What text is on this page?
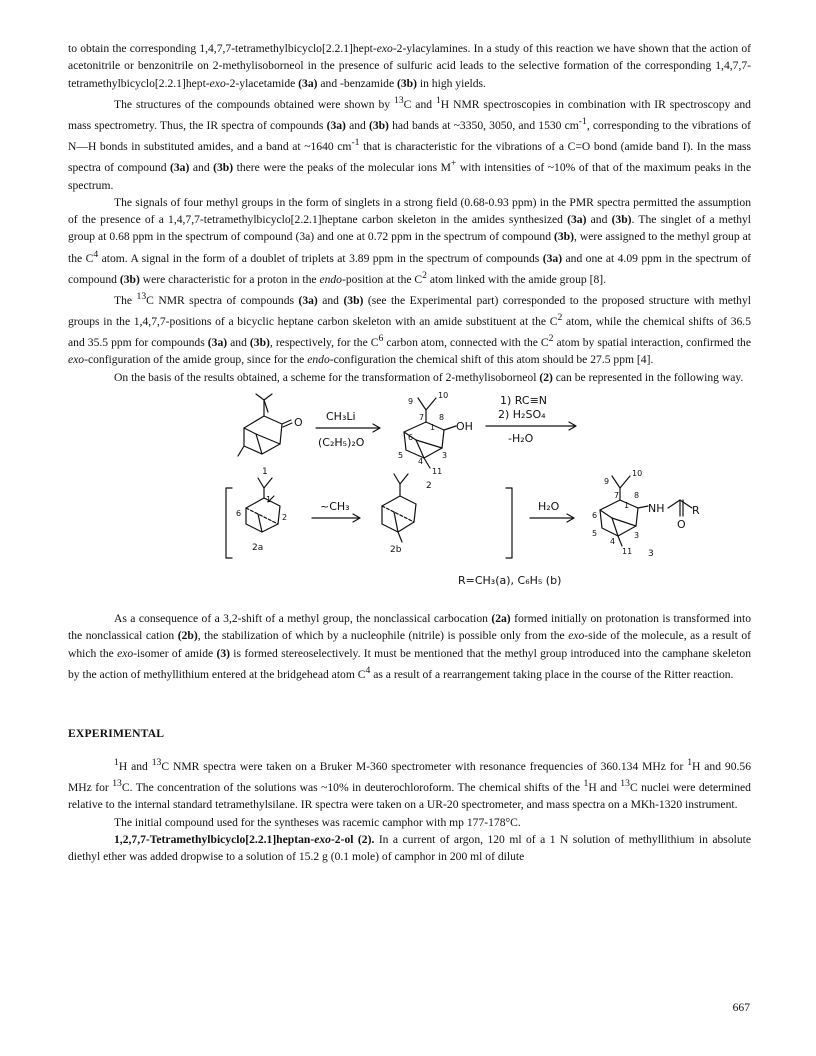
to obtain the corresponding 1,4,7,7-tetramethylbicyclo[2.2.1]hept-exo-2-ylacylamines. In a study of this reaction we have shown that the action of acetonitrile or benzonitrile on 2-methylisoborneol in the presence of sulfuric acid leads to the selective formation of the corresponding 1,4,7,7-tetramethylbicyclo[2.2.1]hept-exo-2-ylacetamide (3a) and -benzamide (3b) in high yields.

The structures of the compounds obtained were shown by $^{13}$C and $^1$H NMR spectroscopies in combination with IR spectroscopy and mass spectrometry. Thus, the IR spectra of compounds (3a) and (3b) had bands at ~3350, 3050, and 1530 $cm^{-1}$, corresponding to the vibrations of N—H bonds in substituted amides, and a band at ~1640 $cm^{-1}$ that is characteristic for the vibrations of a C=O bond (amide band I). In the mass spectra of compound (3a) and (3b) there were the peaks of the molecular ions M+ with intensities of ~10% of that of the maximum peaks in the spectrum.

The signals of four methyl groups in the form of singlets in a strong field (0.68-0.93 ppm) in the PMR spectra permitted the assumption of the presence of a 1,4,7,7-tetramethylbicyclo[2.2.1]heptane carbon skeleton in the amides synthesized (3a) and (3b). The singlet of a methyl group at 0.68 ppm in the spectrum of compound (3a) and one at 0.72 ppm in the spectrum of compound (3b), were assigned to the methyl group at the $C^4$ atom. A signal in the form of a doublet of triplets at 3.89 ppm in the spectrum of compounds (3a) and one at 4.09 ppm in the spectrum of compound (3b) were characteristic for a proton in the endo-position at the $C^2$ atom linked with the amide group [8].

The $^{13}$C NMR spectra of compounds (3a) and (3b) (see the Experimental part) corresponded to the proposed structure with methyl groups in the 1,4,7,7-positions of a bicyclic heptane carbon skeleton with an amide substituent at the $C^2$ atom, while the chemical shifts of 36.5 and 35.5 ppm for compounds (3a) and (3b), respectively, for the $C^6$ carbon atom, connected with the $C^2$ atom by spatial interaction, confirmed the exo-configuration of the amide group, since for the endo-configuration the chemical shift of this atom should be 27.5 ppm [4].

On the basis of the results obtained, a scheme for the transformation of 2-methylisoborneol (2) can be represented in the following way.

O
1
CH₃Li
(C₂H₅)₂O
9
10
7
1
8
6
5
4
3
11
OH
2
1) RC≡N
2) H₂SO₄
-H₂O
1
6	2
2a
~CH₃
2b
H₂O
9
10
7
1
8
6
5
4
3
11
NH	R
O
3
R=CH₃(a), C₆H₅ (b)

As a consequence of a 3,2-shift of a methyl group, the nonclassical carbocation (2a) formed initially on protonation is transformed into the nonclassical cation (2b), the stabilization of which by a nucleophile (nitrile) is possible only from the exo-side of the molecule, as a result of which the exo-isomer of amide (3) is formed stereoselectively. It must be mentioned that the methyl group introduced into the camphane skeleton by the action of methyllithium entered at the bridgehead atom $C^4$ as a result of a rearrangement taking place in the course of the Ritter reaction.

EXPERIMENTAL

$^1$H and $^{13}$C NMR spectra were taken on a Bruker M-360 spectrometer with resonance frequencies of 360.134 MHz for $^1$H and 90.56 MHz for $^{13}$C. The concentration of the solutions was ~10% in deuterochloroform. The chemical shifts of the $^1$H and $^{13}$C nuclei were determined relative to the internal standard tetramethylsilane. IR spectra were taken on a UR-20 spectrometer, and mass spectra on a MKh-1320 instrument.

The initial compound used for the syntheses was racemic camphor with mp 177-178°C.

1,2,7,7-Tetramethylbicyclo[2.2.1]heptan-exo-2-ol (2). In a current of argon, 120 ml of a 1 N solution of methyllithium in absolute diethyl ether was added dropwise to a solution of 15.2 g (0.1 mole) of camphor in 200 ml of dilute

667
